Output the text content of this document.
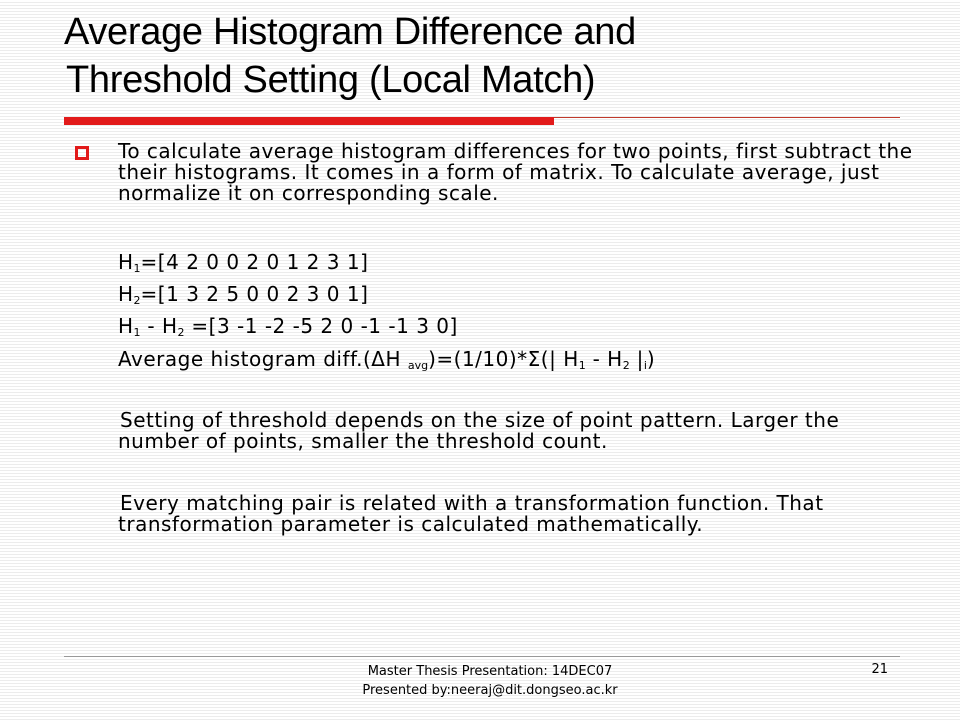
Average Histogram Difference and
Threshold Setting (Local Match)

To calculate average histogram differences for two points, first subtract the their histograms. It comes in a form of matrix. To calculate average, just normalize it on corresponding scale.

$H_1=[4$ 2 0 0 2 0 1 2 3 1]
$H_2=[1$ 3 2 5 0 0 2 3 0 1]
$H_1 - H_2 =[3$ -1 -2 -5 2 0 -1 -1 3 0]
Average histogram diff.(ΔH $_{avg}$)=(1/10)*Σ(| $H_1 - H_2$ $|_i$)

Setting of threshold depends on the size of point pattern. Larger the number of points, smaller the threshold count.

Every matching pair is related with a transformation function. That transformation parameter is calculated mathematically.

Master Thesis Presentation: 14DEC07
Presented by:neeraj@dit.dongseo.ac.kr
21
